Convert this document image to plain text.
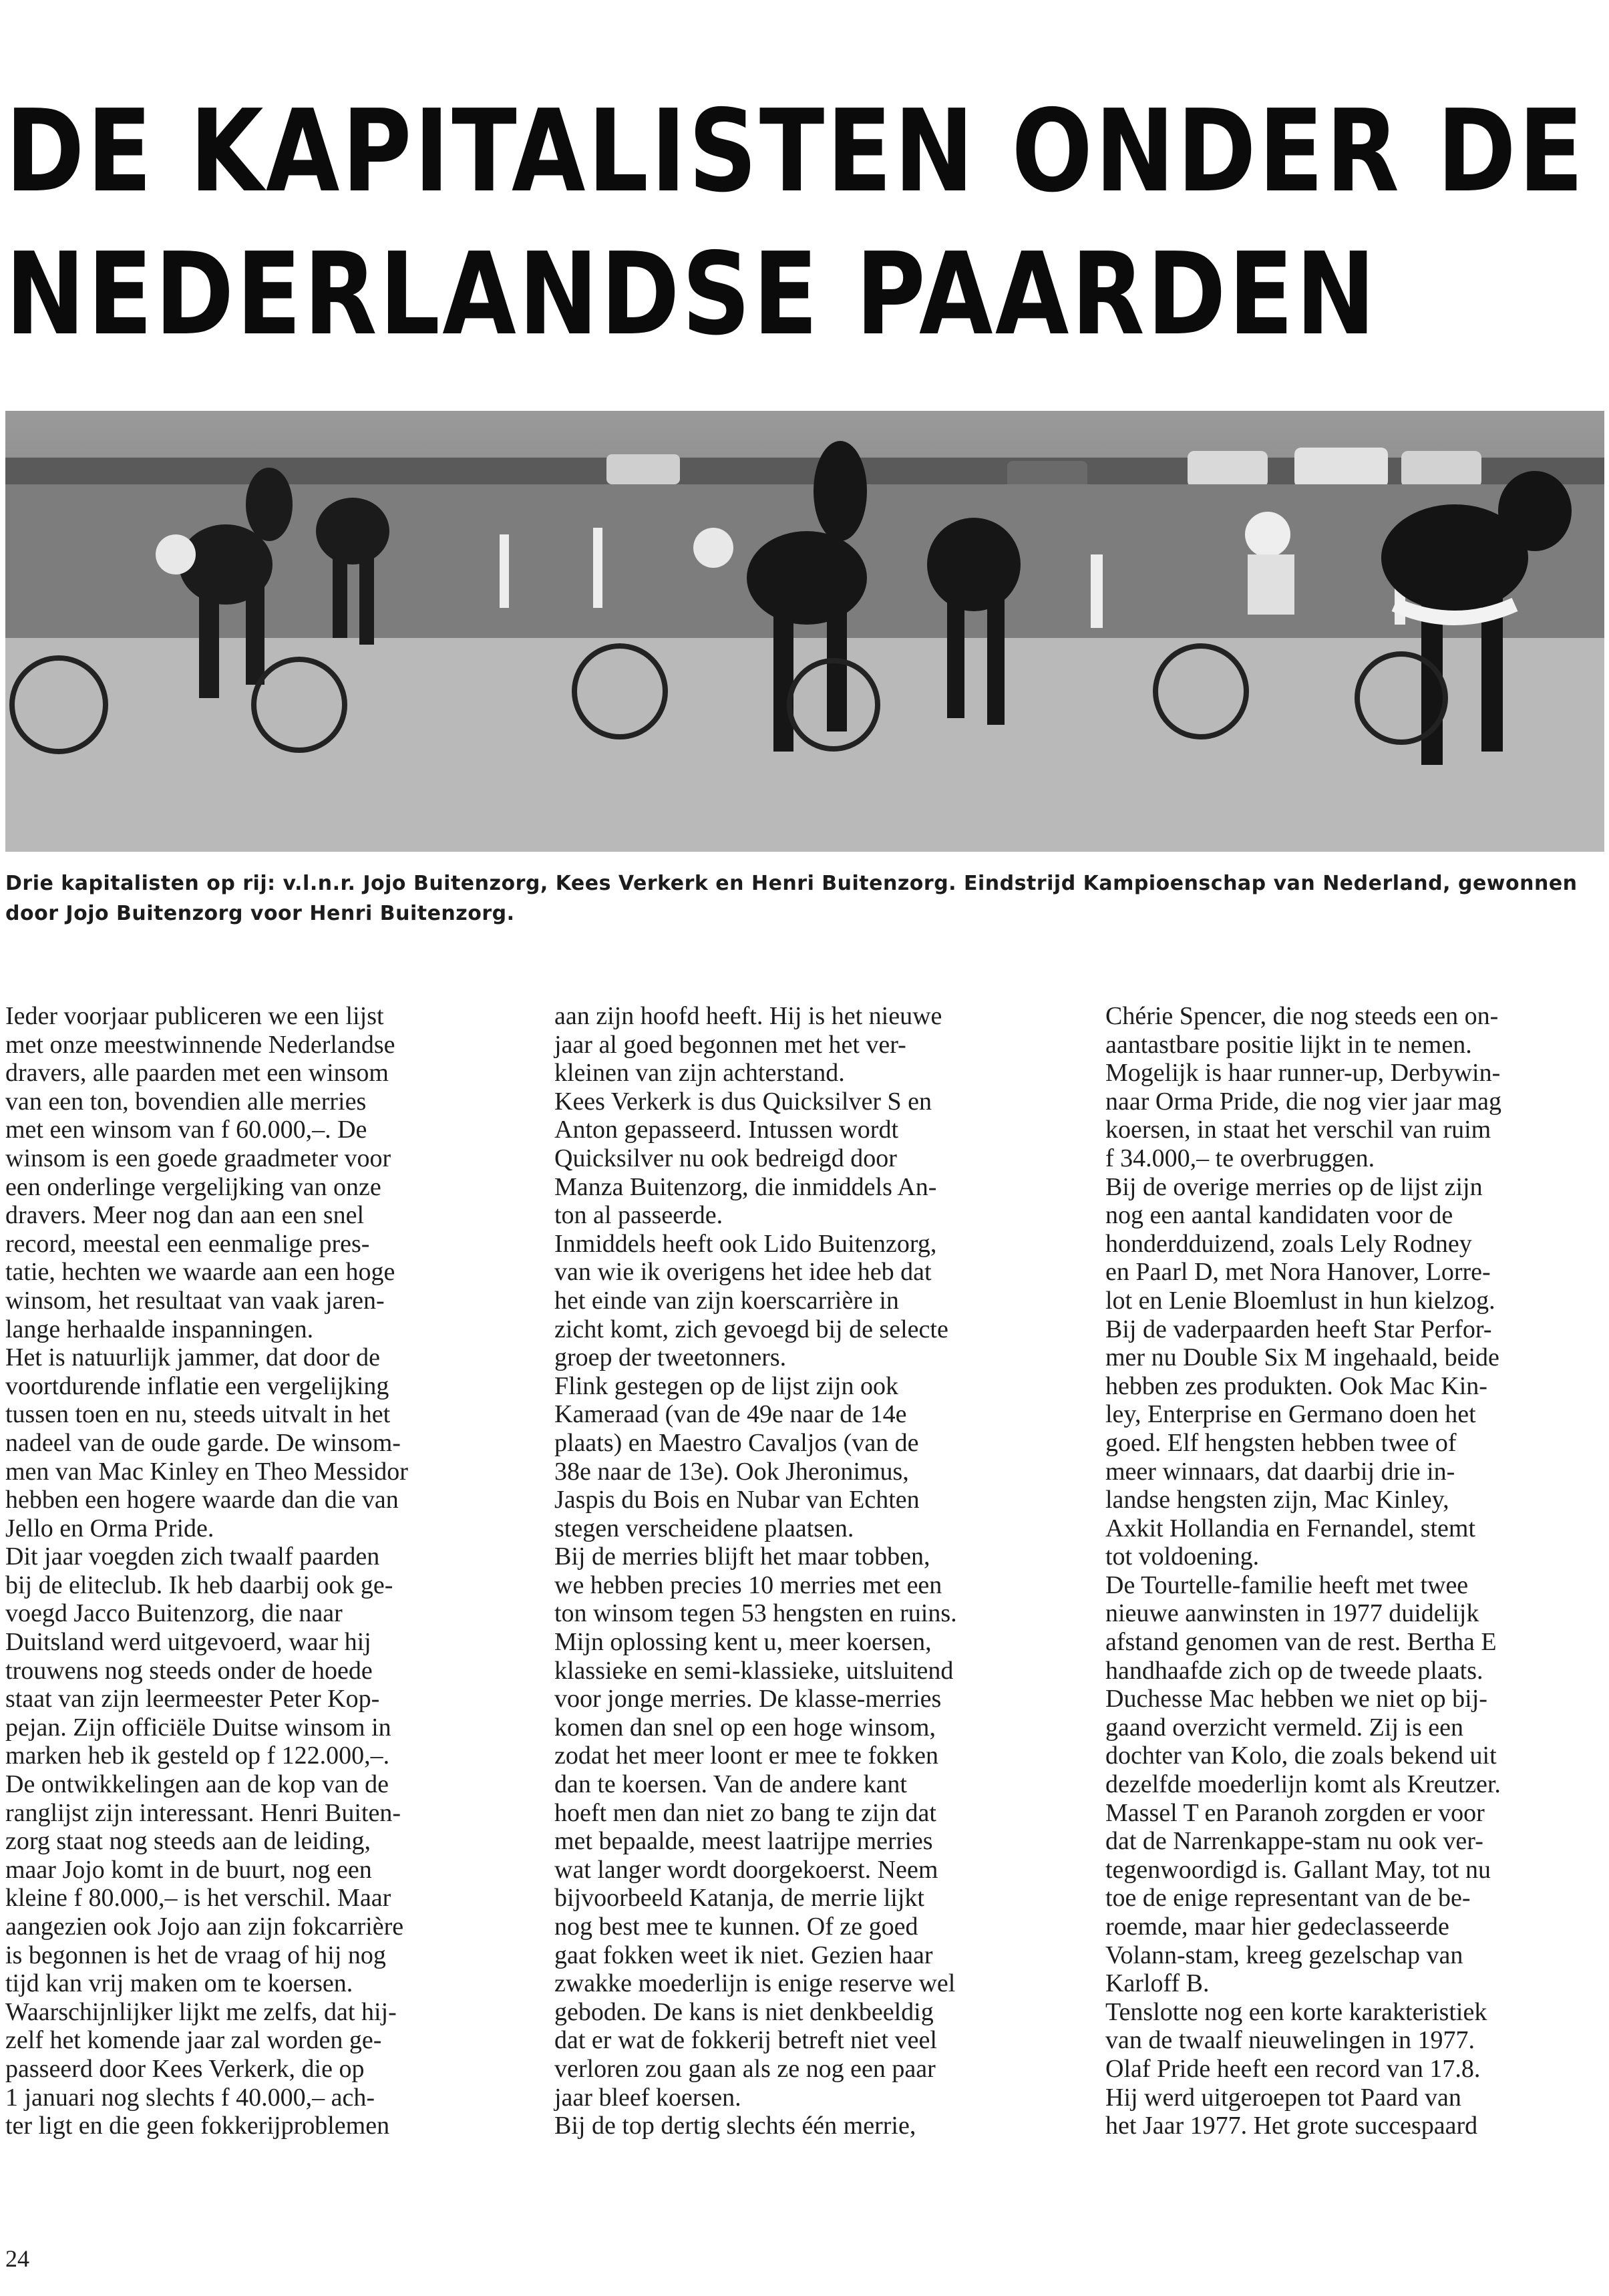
DE KAPITALISTEN ONDER DE
NEDERLANDSE PAARDEN
Drie kapitalisten op rij: v.l.n.r. Jojo Buitenzorg, Kees Verkerk en Henri Buitenzorg. Eindstrijd Kampioenschap van Nederland, gewonnen door Jojo Buitenzorg voor Henri Buitenzorg.

Ieder voorjaar publiceren we een lijst

met onze meestwinnende Nederlandse

dravers, alle paarden met een winsom

van een ton, bovendien alle merries

met een winsom van f 60.000,–. De

winsom is een goede graadmeter voor

een onderlinge vergelijking van onze

dravers. Meer nog dan aan een snel

record, meestal een eenmalige pres-

tatie, hechten we waarde aan een hoge

winsom, het resultaat van vaak jaren-

lange herhaalde inspanningen.

Het is natuurlijk jammer, dat door de

voortdurende inflatie een vergelijking

tussen toen en nu, steeds uitvalt in het

nadeel van de oude garde. De winsom-

men van Mac Kinley en Theo Messidor

hebben een hogere waarde dan die van

Jello en Orma Pride.

Dit jaar voegden zich twaalf paarden

bij de eliteclub. Ik heb daarbij ook ge-

voegd Jacco Buitenzorg, die naar

Duitsland werd uitgevoerd, waar hij

trouwens nog steeds onder de hoede

staat van zijn leermeester Peter Kop-

pejan. Zijn officiële Duitse winsom in

marken heb ik gesteld op f 122.000,–.

De ontwikkelingen aan de kop van de

ranglijst zijn interessant. Henri Buiten-

zorg staat nog steeds aan de leiding,

maar Jojo komt in de buurt, nog een

kleine f 80.000,– is het verschil. Maar

aangezien ook Jojo aan zijn fokcarrière

is begonnen is het de vraag of hij nog

tijd kan vrij maken om te koersen.

Waarschijnlijker lijkt me zelfs, dat hij-

zelf het komende jaar zal worden ge-

passeerd door Kees Verkerk, die op

1 januari nog slechts f 40.000,– ach-

ter ligt en die geen fokkerijproblemen

aan zijn hoofd heeft. Hij is het nieuwe

jaar al goed begonnen met het ver-

kleinen van zijn achterstand.

Kees Verkerk is dus Quicksilver S en

Anton gepasseerd. Intussen wordt

Quicksilver nu ook bedreigd door

Manza Buitenzorg, die inmiddels An-

ton al passeerde.

Inmiddels heeft ook Lido Buitenzorg,

van wie ik overigens het idee heb dat

het einde van zijn koerscarrière in

zicht komt, zich gevoegd bij de selecte

groep der tweetonners.

Flink gestegen op de lijst zijn ook

Kameraad (van de 49e naar de 14e

plaats) en Maestro Cavaljos (van de

38e naar de 13e). Ook Jheronimus,

Jaspis du Bois en Nubar van Echten

stegen verscheidene plaatsen.

Bij de merries blijft het maar tobben,

we hebben precies 10 merries met een

ton winsom tegen 53 hengsten en ruins.

Mijn oplossing kent u, meer koersen,

klassieke en semi-klassieke, uitsluitend

voor jonge merries. De klasse-merries

komen dan snel op een hoge winsom,

zodat het meer loont er mee te fokken

dan te koersen. Van de andere kant

hoeft men dan niet zo bang te zijn dat

met bepaalde, meest laatrijpe merries

wat langer wordt doorgekoerst. Neem

bijvoorbeeld Katanja, de merrie lijkt

nog best mee te kunnen. Of ze goed

gaat fokken weet ik niet. Gezien haar

zwakke moederlijn is enige reserve wel

geboden. De kans is niet denkbeeldig

dat er wat de fokkerij betreft niet veel

verloren zou gaan als ze nog een paar

jaar bleef koersen.

Bij de top dertig slechts één merrie,

Chérie Spencer, die nog steeds een on-

aantastbare positie lijkt in te nemen.

Mogelijk is haar runner-up, Derbywin-

naar Orma Pride, die nog vier jaar mag

koersen, in staat het verschil van ruim

f 34.000,– te overbruggen.

Bij de overige merries op de lijst zijn

nog een aantal kandidaten voor de

honderdduizend, zoals Lely Rodney

en Paarl D, met Nora Hanover, Lorre-

lot en Lenie Bloemlust in hun kielzog.

Bij de vaderpaarden heeft Star Perfor-

mer nu Double Six M ingehaald, beide

hebben zes produkten. Ook Mac Kin-

ley, Enterprise en Germano doen het

goed. Elf hengsten hebben twee of

meer winnaars, dat daarbij drie in-

landse hengsten zijn, Mac Kinley,

Axkit Hollandia en Fernandel, stemt

tot voldoening.

De Tourtelle-familie heeft met twee

nieuwe aanwinsten in 1977 duidelijk

afstand genomen van de rest. Bertha E

handhaafde zich op de tweede plaats.

Duchesse Mac hebben we niet op bij-

gaand overzicht vermeld. Zij is een

dochter van Kolo, die zoals bekend uit

dezelfde moederlijn komt als Kreutzer.

Massel T en Paranoh zorgden er voor

dat de Narrenkappe-stam nu ook ver-

tegenwoordigd is. Gallant May, tot nu

toe de enige representant van de be-

roemde, maar hier gedeclasseerde

Volann-stam, kreeg gezelschap van

Karloff B.

Tenslotte nog een korte karakteristiek

van de twaalf nieuwelingen in 1977.

Olaf Pride heeft een record van 17.8.

Hij werd uitgeroepen tot Paard van

het Jaar 1977. Het grote succespaard

24
